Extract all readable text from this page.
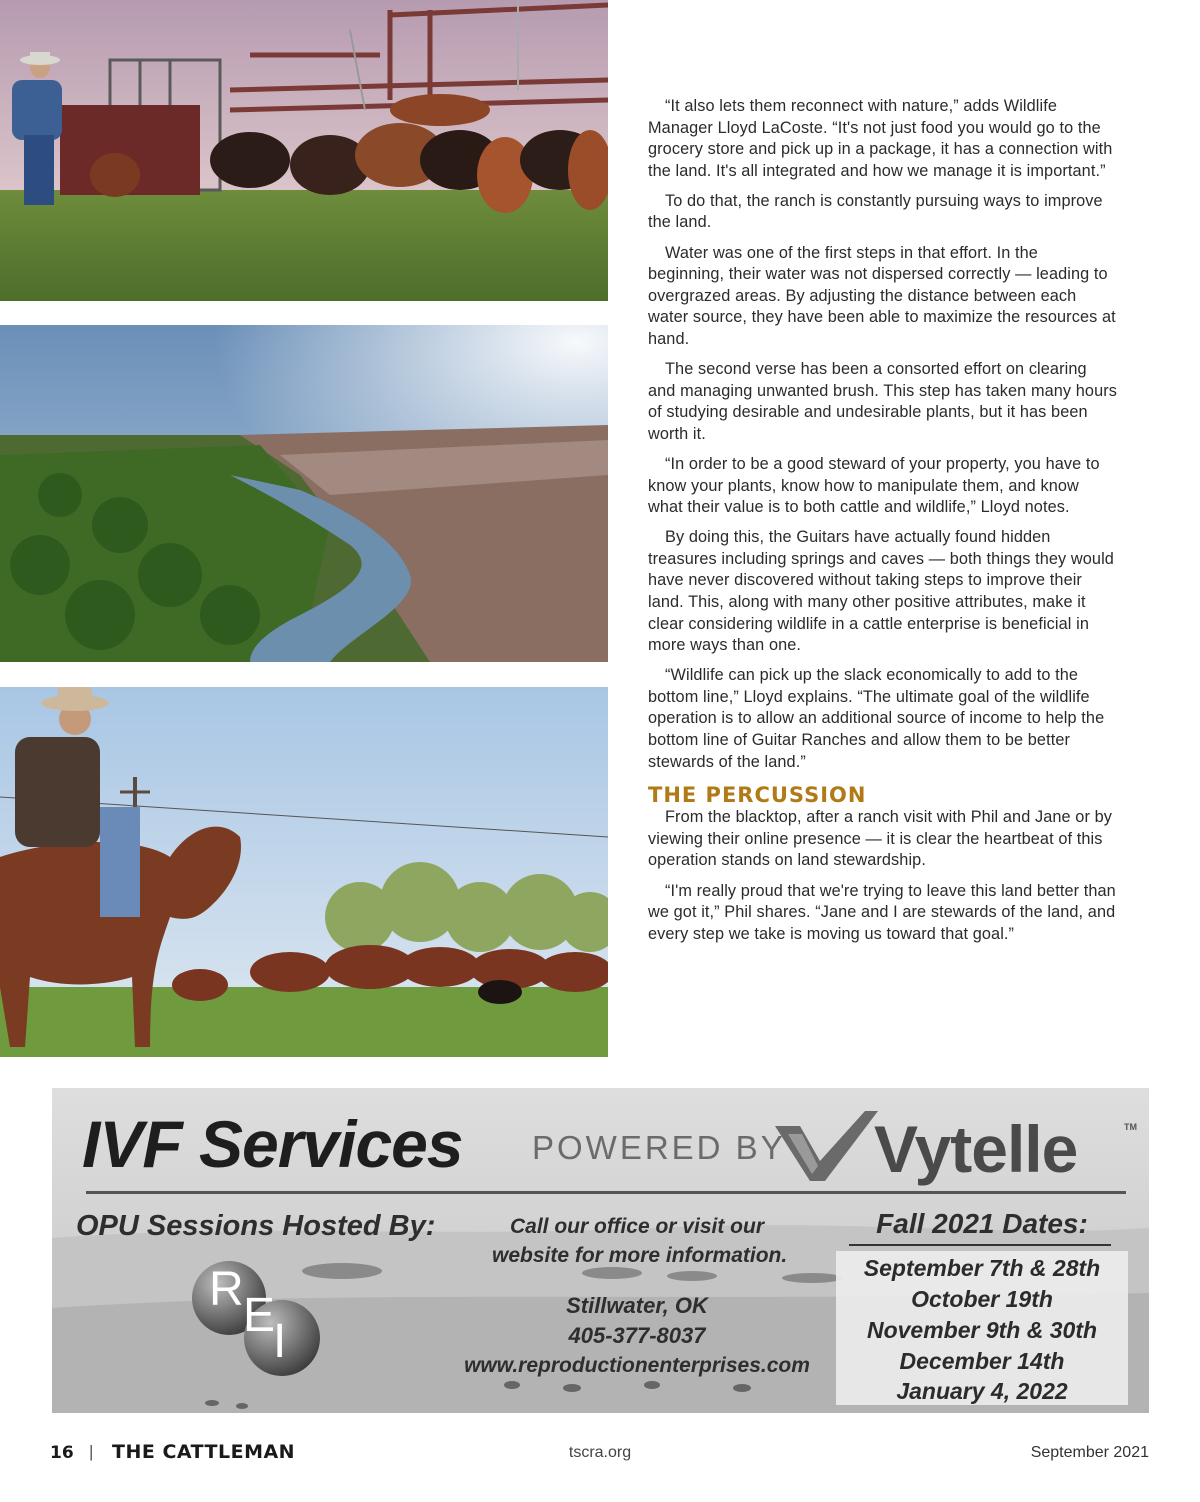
“It also lets them reconnect with nature,” adds Wildlife Manager Lloyd LaCoste. “It's not just food you would go to the grocery store and pick up in a package, it has a connection with the land. It's all integrated and how we manage it is important.”

To do that, the ranch is constantly pursuing ways to improve the land.

Water was one of the first steps in that effort. In the beginning, their water was not dispersed correctly — leading to overgrazed areas. By adjusting the distance between each water source, they have been able to maximize the resources at hand.

The second verse has been a consorted effort on clearing and managing unwanted brush. This step has taken many hours of studying desirable and undesirable plants, but it has been worth it.

“In order to be a good steward of your property, you have to know your plants, know how to manipulate them, and know what their value is to both cattle and wildlife,” Lloyd notes.

By doing this, the Guitars have actually found hidden treasures including springs and caves — both things they would have never discovered without taking steps to improve their land. This, along with many other positive attributes, make it clear considering wildlife in a cattle enterprise is beneficial in more ways than one.

“Wildlife can pick up the slack economically to add to the bottom line,” Lloyd explains. “The ultimate goal of the wildlife operation is to allow an additional source of income to help the bottom line of Guitar Ranches and allow them to be better stewards of the land.”

THE PERCUSSION

From the blacktop, after a ranch visit with Phil and Jane or by viewing their online presence — it is clear the heartbeat of this operation stands on land stewardship.

“I'm really proud that we're trying to leave this land better than we got it,” Phil shares. “Jane and I are stewards of the land, and every step we take is moving us toward that goal.”

IVF Services POWERED BY Vytelle	TM
OPU Sessions Hosted By:
R E
I
Call our office or visit our
website for more information.
Stillwater, OK
405-377-8037
www.reproductionenterprises.com
Fall 2021 Dates:
September 7th & 28th
October 19th
November 9th & 30th
December 14th
January 4, 2022
16 | THE CATTLEMAN	tscra.org	September 2021
